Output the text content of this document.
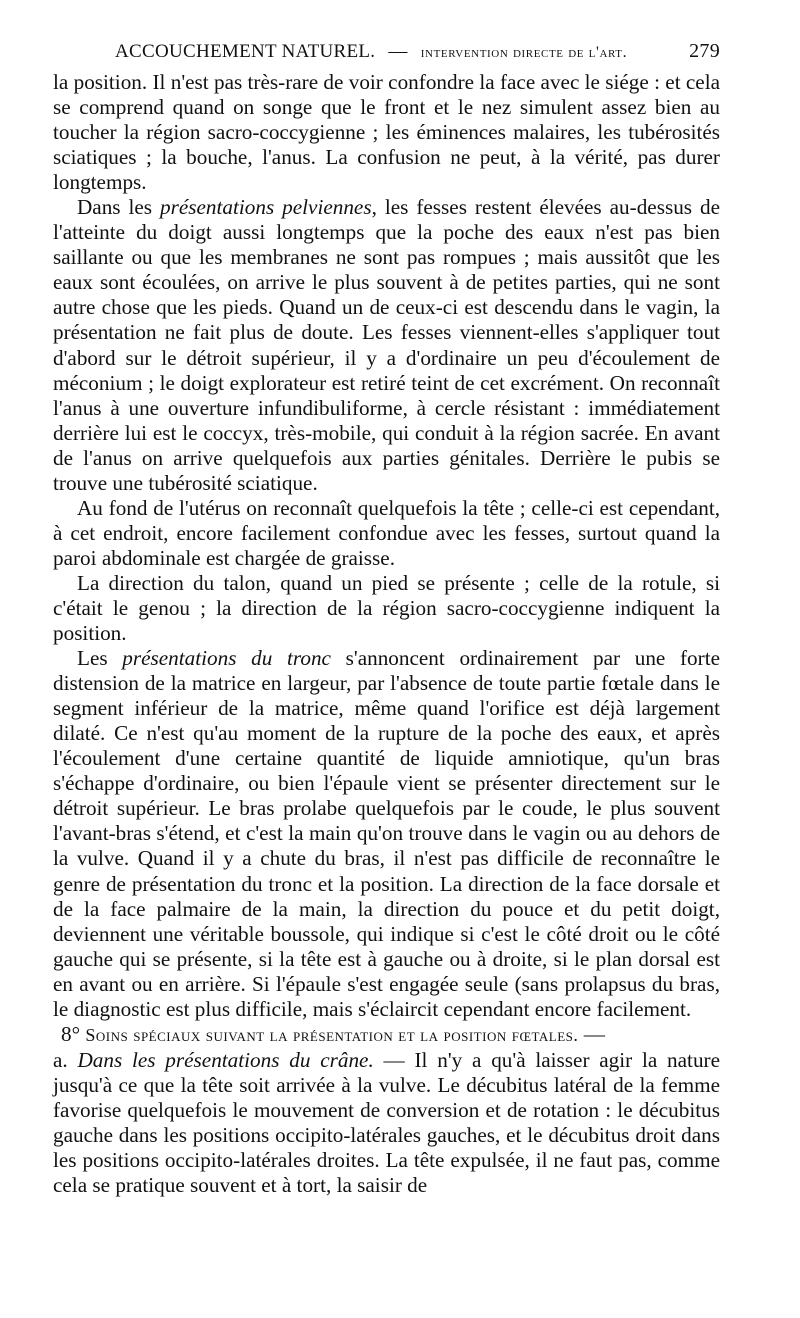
ACCOUCHEMENT NATUREL. — intervention directe de l'art.	279

la position. Il n'est pas très-rare de voir confondre la face avec le siége : et cela se comprend quand on songe que le front et le nez simulent assez bien au toucher la région sacro-coccygienne ; les éminences malaires, les tubérosités sciatiques ; la bouche, l'anus. La confusion ne peut, à la vérité, pas durer longtemps.

Dans les présentations pelviennes, les fesses restent élevées au-dessus de l'atteinte du doigt aussi longtemps que la poche des eaux n'est pas bien saillante ou que les membranes ne sont pas rompues ; mais aussitôt que les eaux sont écoulées, on arrive le plus souvent à de petites parties, qui ne sont autre chose que les pieds. Quand un de ceux-ci est descendu dans le vagin, la présentation ne fait plus de doute. Les fesses viennent-elles s'appliquer tout d'abord sur le détroit supérieur, il y a d'ordinaire un peu d'écoulement de méconium ; le doigt explorateur est retiré teint de cet excrément. On reconnaît l'anus à une ouverture infundibuliforme, à cercle résistant : immédiatement derrière lui est le coccyx, très-mobile, qui conduit à la région sacrée. En avant de l'anus on arrive quelquefois aux parties génitales. Derrière le pubis se trouve une tubérosité sciatique.

Au fond de l'utérus on reconnaît quelquefois la tête ; celle-ci est cependant, à cet endroit, encore facilement confondue avec les fesses, surtout quand la paroi abdominale est chargée de graisse.

La direction du talon, quand un pied se présente ; celle de la rotule, si c'était le genou ; la direction de la région sacro-coccygienne indiquent la position.

Les présentations du tronc s'annoncent ordinairement par une forte distension de la matrice en largeur, par l'absence de toute partie fœtale dans le segment inférieur de la matrice, même quand l'orifice est déjà largement dilaté. Ce n'est qu'au moment de la rupture de la poche des eaux, et après l'écoulement d'une certaine quantité de liquide amniotique, qu'un bras s'échappe d'ordinaire, ou bien l'épaule vient se présenter directement sur le détroit supérieur. Le bras prolabe quelquefois par le coude, le plus souvent l'avant-bras s'étend, et c'est la main qu'on trouve dans le vagin ou au dehors de la vulve. Quand il y a chute du bras, il n'est pas difficile de reconnaître le genre de présentation du tronc et la position. La direction de la face dorsale et de la face palmaire de la main, la direction du pouce et du petit doigt, deviennent une véritable boussole, qui indique si c'est le côté droit ou le côté gauche qui se présente, si la tête est à gauche ou à droite, si le plan dorsal est en avant ou en arrière. Si l'épaule s'est engagée seule (sans prolapsus du bras, le diagnostic est plus difficile, mais s'éclaircit cependant encore facilement.

8° Soins spéciaux suivant la présentation et la position fœtales. —

a. Dans les présentations du crâne. — Il n'y a qu'à laisser agir la nature jusqu'à ce que la tête soit arrivée à la vulve. Le décubitus latéral de la femme favorise quelquefois le mouvement de conversion et de rotation : le décubitus gauche dans les positions occipito-latérales gauches, et le décubitus droit dans les positions occipito-latérales droites. La tête expulsée, il ne faut pas, comme cela se pratique souvent et à tort, la saisir de
